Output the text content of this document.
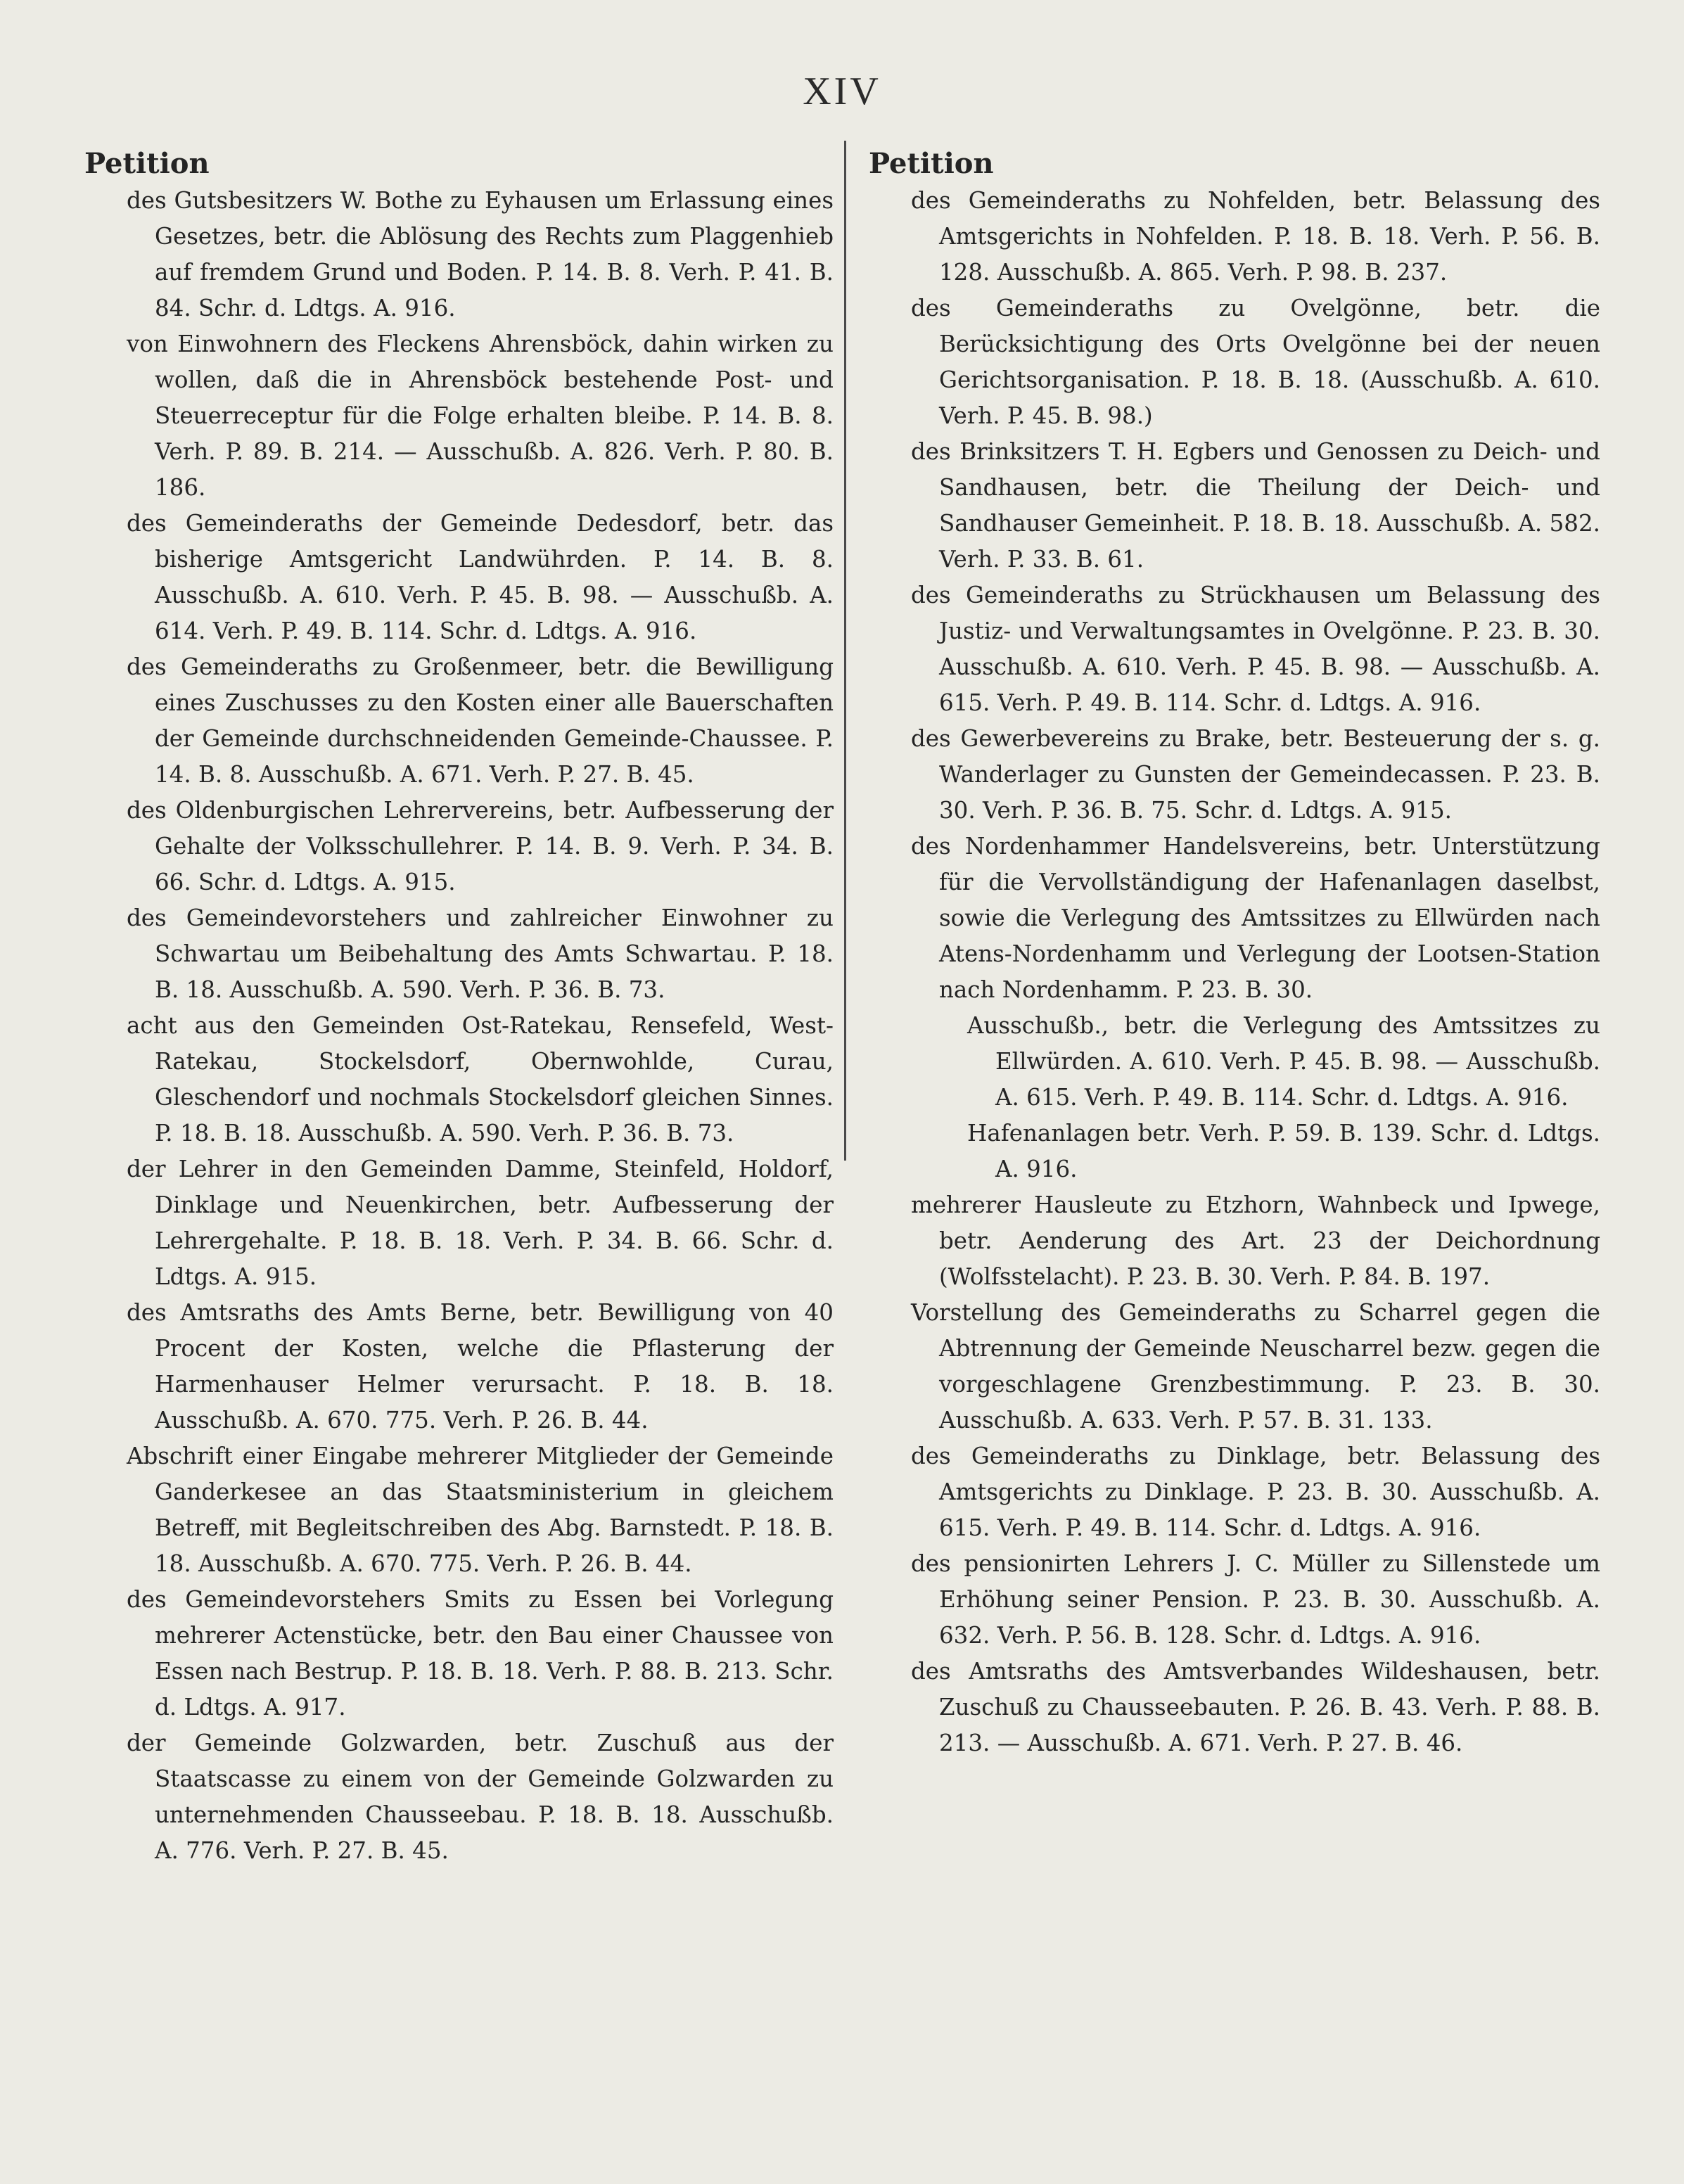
XIV
Petition
des Gutsbesitzers W. Bothe zu Eyhausen um Erlassung eines Gesetzes, betr. die Ablösung des Rechts zum Plaggenhieb auf fremdem Grund und Boden. P. 14. B. 8. Verh. P. 41. B. 84. Schr. d. Ldtgs. A. 916.
von Einwohnern des Fleckens Ahrensböck, dahin wirken zu wollen, daß die in Ahrensböck bestehende Post- und Steuerreceptur für die Folge erhalten bleibe. P. 14. B. 8. Verh. P. 89. B. 214. — Ausschußb. A. 826. Verh. P. 80. B. 186.
des Gemeinderaths der Gemeinde Dedesdorf, betr. das bisherige Amtsgericht Landwührden. P. 14. B. 8. Ausschußb. A. 610. Verh. P. 45. B. 98. — Ausschußb. A. 614. Verh. P. 49. B. 114. Schr. d. Ldtgs. A. 916.
des Gemeinderaths zu Großenmeer, betr. die Bewilligung eines Zuschusses zu den Kosten einer alle Bauerschaften der Gemeinde durchschneidenden Gemeinde-Chaussee. P. 14. B. 8. Ausschußb. A. 671. Verh. P. 27. B. 45.
des Oldenburgischen Lehrervereins, betr. Aufbesserung der Gehalte der Volksschullehrer. P. 14. B. 9. Verh. P. 34. B. 66. Schr. d. Ldtgs. A. 915.
des Gemeindevorstehers und zahlreicher Einwohner zu Schwartau um Beibehaltung des Amts Schwartau. P. 18. B. 18. Ausschußb. A. 590. Verh. P. 36. B. 73.
acht aus den Gemeinden Ost-Ratekau, Rensefeld, West-Ratekau, Stockelsdorf, Obernwohlde, Curau, Gleschendorf und nochmals Stockelsdorf gleichen Sinnes. P. 18. B. 18. Ausschußb. A. 590. Verh. P. 36. B. 73.
der Lehrer in den Gemeinden Damme, Steinfeld, Holdorf, Dinklage und Neuenkirchen, betr. Aufbesserung der Lehrergehalte. P. 18. B. 18. Verh. P. 34. B. 66. Schr. d. Ldtgs. A. 915.
des Amtsraths des Amts Berne, betr. Bewilligung von 40 Procent der Kosten, welche die Pflasterung der Harmenhauser Helmer verursacht. P. 18. B. 18. Ausschußb. A. 670. 775. Verh. P. 26. B. 44.
Abschrift einer Eingabe mehrerer Mitglieder der Gemeinde Ganderkesee an das Staatsministerium in gleichem Betreff, mit Begleitschreiben des Abg. Barnstedt. P. 18. B. 18. Ausschußb. A. 670. 775. Verh. P. 26. B. 44.
des Gemeindevorstehers Smits zu Essen bei Vorlegung mehrerer Actenstücke, betr. den Bau einer Chaussee von Essen nach Bestrup. P. 18. B. 18. Verh. P. 88. B. 213. Schr. d. Ldtgs. A. 917.
der Gemeinde Golzwarden, betr. Zuschuß aus der Staatscasse zu einem von der Gemeinde Golzwarden zu unternehmenden Chausseebau. P. 18. B. 18. Ausschußb. A. 776. Verh. P. 27. B. 45.
Petition
des Gemeinderaths zu Nohfelden, betr. Belassung des Amtsgerichts in Nohfelden. P. 18. B. 18. Verh. P. 56. B. 128. Ausschußb. A. 865. Verh. P. 98. B. 237.
des Gemeinderaths zu Ovelgönne, betr. die Berücksichtigung des Orts Ovelgönne bei der neuen Gerichtsorganisation. P. 18. B. 18. (Ausschußb. A. 610. Verh. P. 45. B. 98.)
des Brinksitzers T. H. Egbers und Genossen zu Deich- und Sandhausen, betr. die Theilung der Deich- und Sandhauser Gemeinheit. P. 18. B. 18. Ausschußb. A. 582. Verh. P. 33. B. 61.
des Gemeinderaths zu Strückhausen um Belassung des Justiz- und Verwaltungsamtes in Ovelgönne. P. 23. B. 30. Ausschußb. A. 610. Verh. P. 45. B. 98. — Ausschußb. A. 615. Verh. P. 49. B. 114. Schr. d. Ldtgs. A. 916.
des Gewerbevereins zu Brake, betr. Besteuerung der s. g. Wanderlager zu Gunsten der Gemeindecassen. P. 23. B. 30. Verh. P. 36. B. 75. Schr. d. Ldtgs. A. 915.
des Nordenhammer Handelsvereins, betr. Unterstützung für die Vervollständigung der Hafenanlagen daselbst, sowie die Verlegung des Amtssitzes zu Ellwürden nach Atens-Nordenhamm und Verlegung der Lootsen-Station nach Nordenhamm. P. 23. B. 30.
Ausschußb., betr. die Verlegung des Amtssitzes zu Ellwürden. A. 610. Verh. P. 45. B. 98. — Ausschußb. A. 615. Verh. P. 49. B. 114. Schr. d. Ldtgs. A. 916.
Hafenanlagen betr. Verh. P. 59. B. 139. Schr. d. Ldtgs. A. 916.
mehrerer Hausleute zu Etzhorn, Wahnbeck und Ipwege, betr. Aenderung des Art. 23 der Deichordnung (Wolfsstelacht). P. 23. B. 30. Verh. P. 84. B. 197.
Vorstellung des Gemeinderaths zu Scharrel gegen die Abtrennung der Gemeinde Neuscharrel bezw. gegen die vorgeschlagene Grenzbestimmung. P. 23. B. 30. Ausschußb. A. 633. Verh. P. 57. B. 31. 133.
des Gemeinderaths zu Dinklage, betr. Belassung des Amtsgerichts zu Dinklage. P. 23. B. 30. Ausschußb. A. 615. Verh. P. 49. B. 114. Schr. d. Ldtgs. A. 916.
des pensionirten Lehrers J. C. Müller zu Sillenstede um Erhöhung seiner Pension. P. 23. B. 30. Ausschußb. A. 632. Verh. P. 56. B. 128. Schr. d. Ldtgs. A. 916.
des Amtsraths des Amtsverbandes Wildeshausen, betr. Zuschuß zu Chausseebauten. P. 26. B. 43. Verh. P. 88. B. 213. — Ausschußb. A. 671. Verh. P. 27. B. 46.
